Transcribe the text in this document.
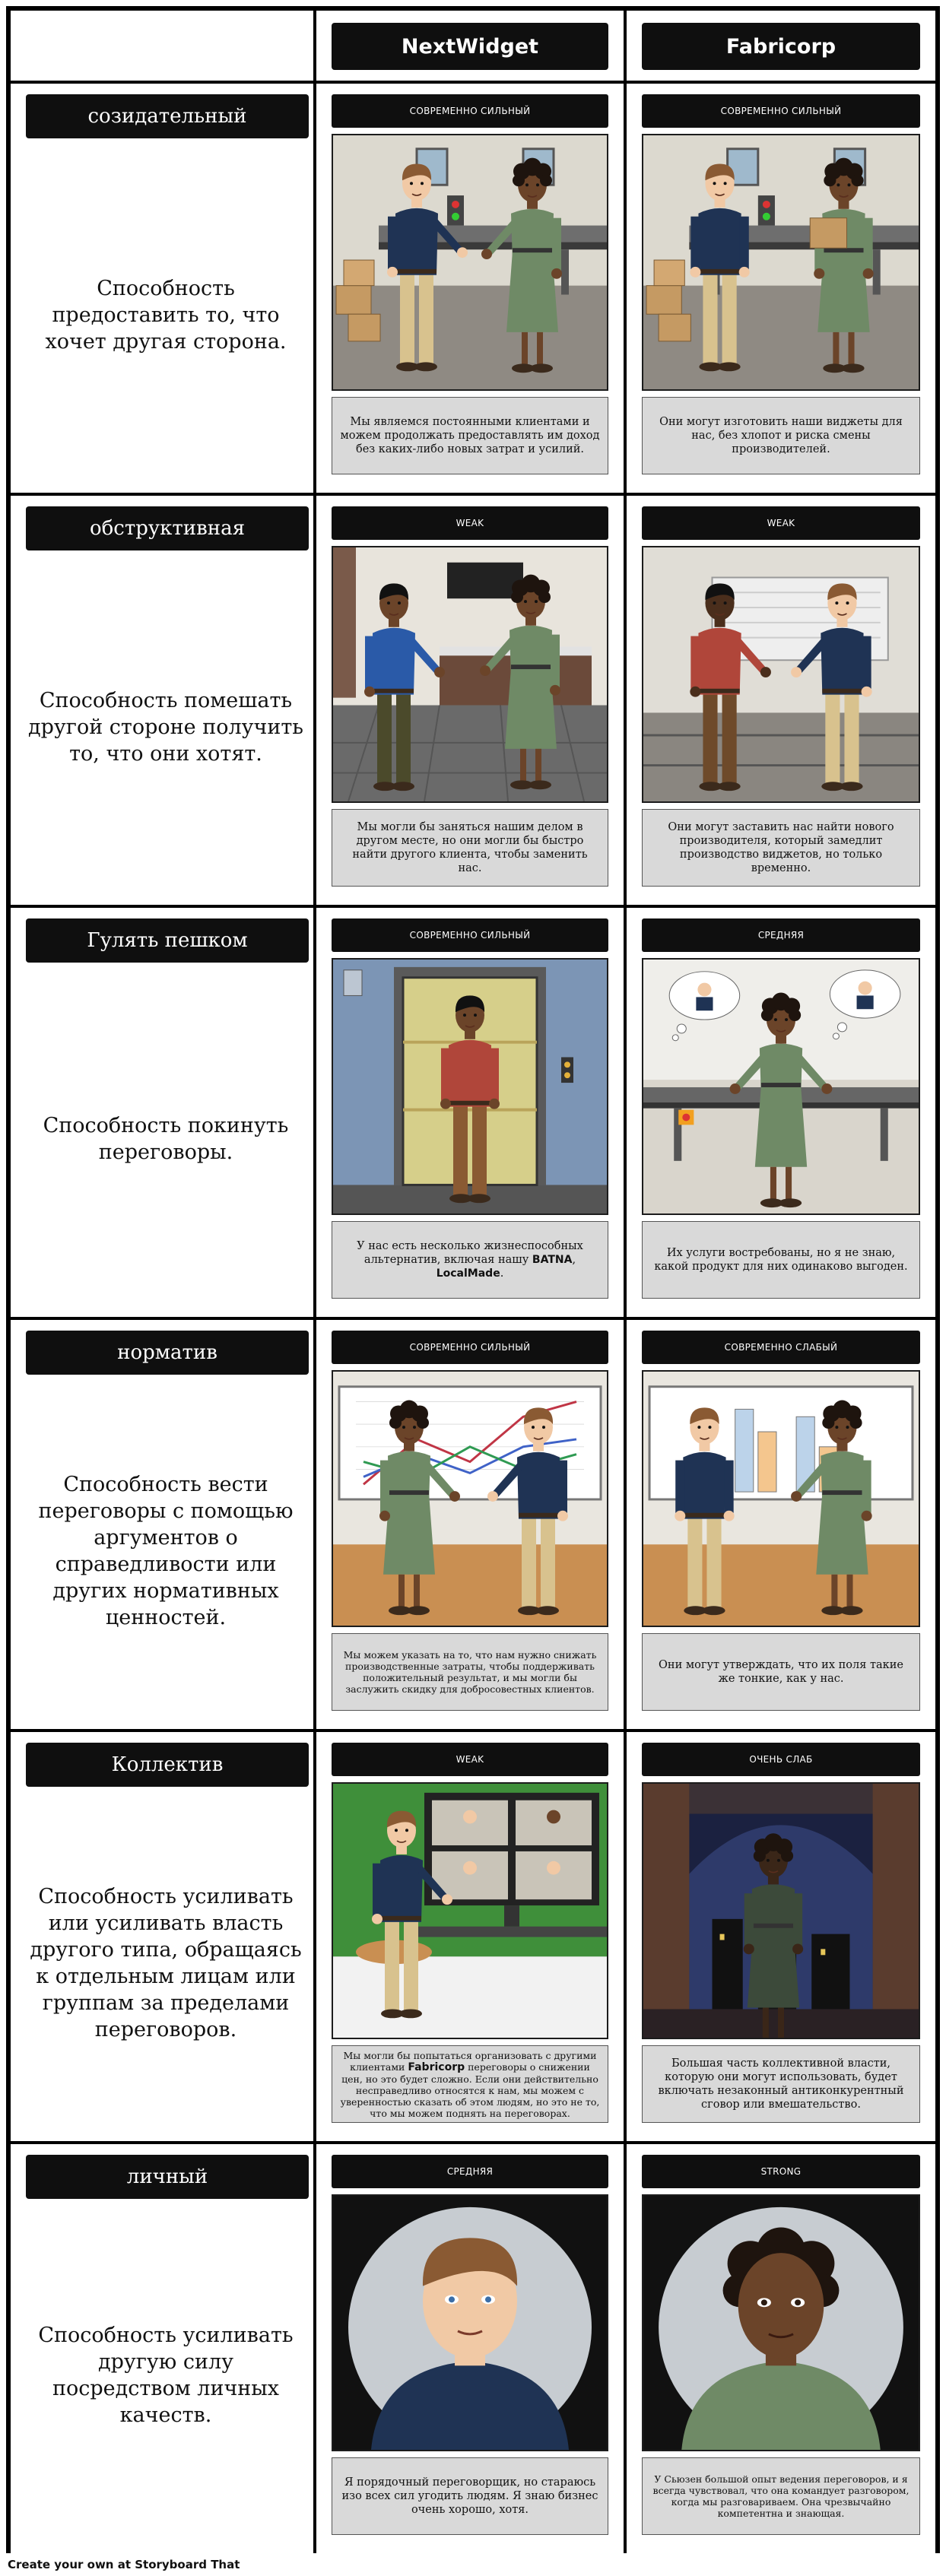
NextWidget	Fabricorp
созидательный
Способность предоставить то, что хочет другая сторона.
СОВРЕМЕННО СИЛЬНЫЙ
Мы являемся постоянными клиентами и можем продолжать предоставлять им доход без каких-либо новых затрат и усилий.
СОВРЕМЕННО СИЛЬНЫЙ
Они могут изготовить наши виджеты для нас, без хлопот и риска смены производителей.
обструктивная
Способность помешать другой стороне получить то, что они хотят.
WEAK
Мы могли бы заняться нашим делом в другом месте, но они могли бы быстро найти другого клиента, чтобы заменить нас.
WEAK
Они могут заставить нас найти нового производителя, который замедлит производство виджетов, но только временно.
Гулять пешком
Способность покинуть переговоры.
СОВРЕМЕННО СИЛЬНЫЙ
У нас есть несколько жизнеспособных альтернатив, включая нашу BATNA, LocalMade.
СРЕДНЯЯ
Их услуги востребованы, но я не знаю, какой продукт для них одинаково выгоден.
норматив
Способность вести переговоры с помощью аргументов о справедливости или других нормативных ценностей.
СОВРЕМЕННО СИЛЬНЫЙ
Мы можем указать на то, что нам нужно снижать производственные затраты, чтобы поддерживать положительный результат, и мы могли бы заслужить скидку для добросовестных клиентов.
СОВРЕМЕННО СЛАБЫЙ
Они могут утверждать, что их поля такие же тонкие, как у нас.
Коллектив
Способность усиливать или усиливать власть другого типа, обращаясь к отдельным лицам или группам за пределами переговоров.
WEAK
Мы могли бы попытаться организовать с другими клиентами Fabricorp переговоры о снижении цен, но это будет сложно. Если они действительно несправедливо относятся к нам, мы можем с уверенностью сказать об этом людям, но это не то, что мы можем поднять на переговорах.
ОЧЕНЬ СЛАБ
Большая часть коллективной власти, которую они могут использовать, будет включать незаконный антиконкурентный сговор или вмешательство.
личный
Способность усиливать другую силу посредством личных качеств.
СРЕДНЯЯ
Я порядочный переговорщик, но стараюсь изо всех сил угодить людям. Я знаю бизнес очень хорошо, хотя.
STRONG
У Сьюзен большой опыт ведения переговоров, и я всегда чувствовал, что она командует разговором, когда мы разговариваем. Она чрезвычайно компетентна и знающая.
Create your own at Storyboard That
